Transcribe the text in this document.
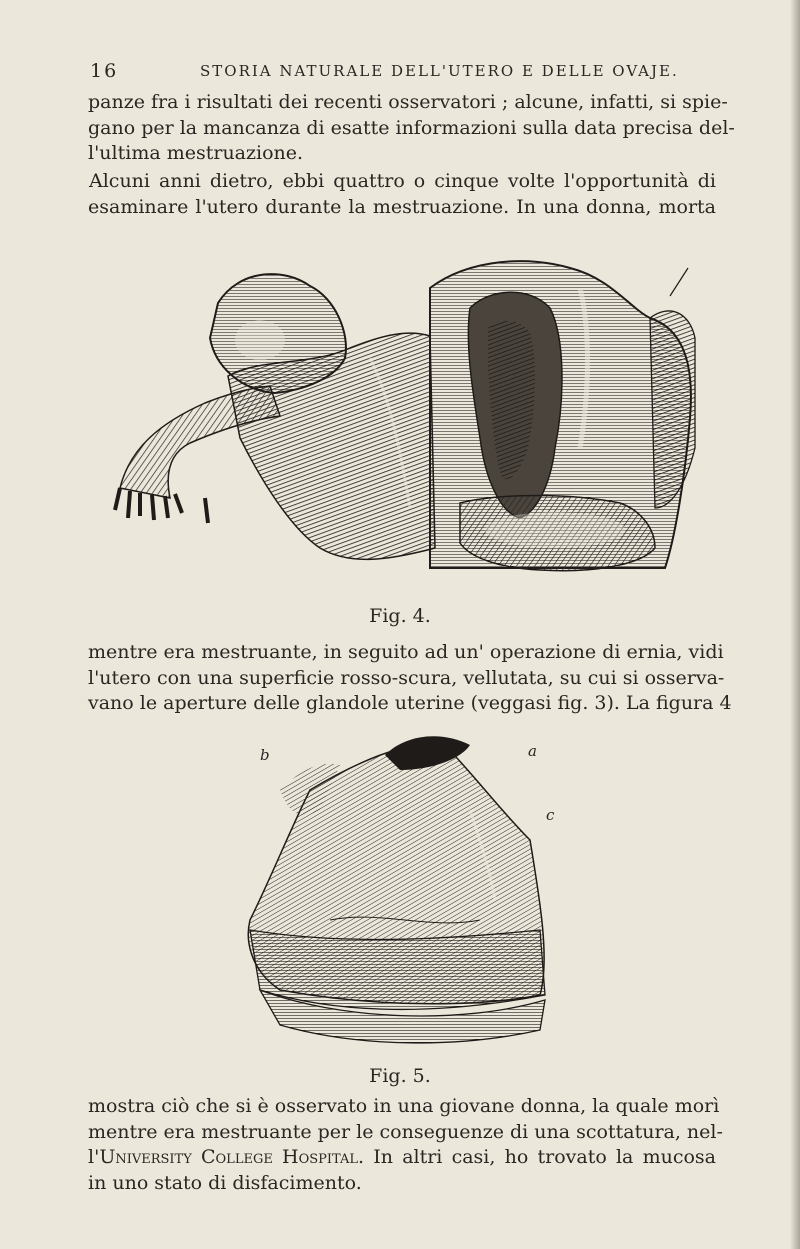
16	STORIA NATURALE DELL'UTERO E DELLE OVAJE.
panze fra i risultati dei recenti osservatori ; alcune, infatti, si spie-
gano per la mancanza di esatte informazioni sulla data precisa del-
l'ultima mestruazione.
Alcuni anni dietro, ebbi quattro o cinque volte l'opportunità di
esaminare l'utero durante la mestruazione. In una donna, morta
Fig. 4.
mentre era mestruante, in seguito ad un' operazione di ernia, vidi
l'utero con una superficie rosso-scura, vellutata, su cui si osserva-
vano le aperture delle glandole uterine (veggasi fig. 3). La figura 4
b	a
c
Fig. 5.
mostra ciò che si è osservato in una giovane donna, la quale morì
mentre era mestruante per le conseguenze di una scottatura, nel-
l'University College Hospital. In altri casi, ho trovato la mucosa
in uno stato di disfacimento.
